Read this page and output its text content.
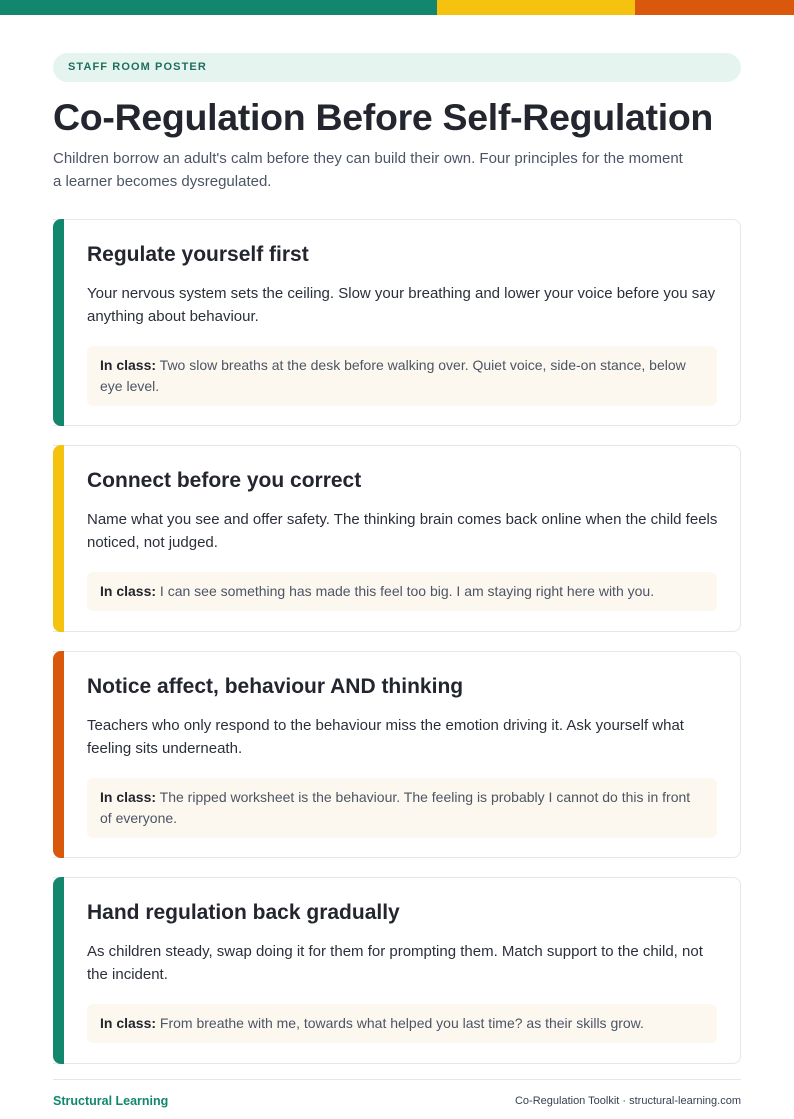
STAFF ROOM POSTER
Co-Regulation Before Self-Regulation

Children borrow an adult's calm before they can build their own. Four principles for the moment a learner becomes dysregulated.

Regulate yourself first

Your nervous system sets the ceiling. Slow your breathing and lower your voice before you say anything about behaviour.

In class: Two slow breaths at the desk before walking over. Quiet voice, side-on stance, below eye level.
Connect before you correct

Name what you see and offer safety. The thinking brain comes back online when the child feels noticed, not judged.

In class: I can see something has made this feel too big. I am staying right here with you.
Notice affect, behaviour AND thinking

Teachers who only respond to the behaviour miss the emotion driving it. Ask yourself what feeling sits underneath.

In class: The ripped worksheet is the behaviour. The feeling is probably I cannot do this in front of everyone.
Hand regulation back gradually

As children steady, swap doing it for them for prompting them. Match support to the child, not the incident.

In class: From breathe with me, towards what helped you last time? as their skills grow.
Structural Learning	Co-Regulation Toolkit · structural-learning.com
